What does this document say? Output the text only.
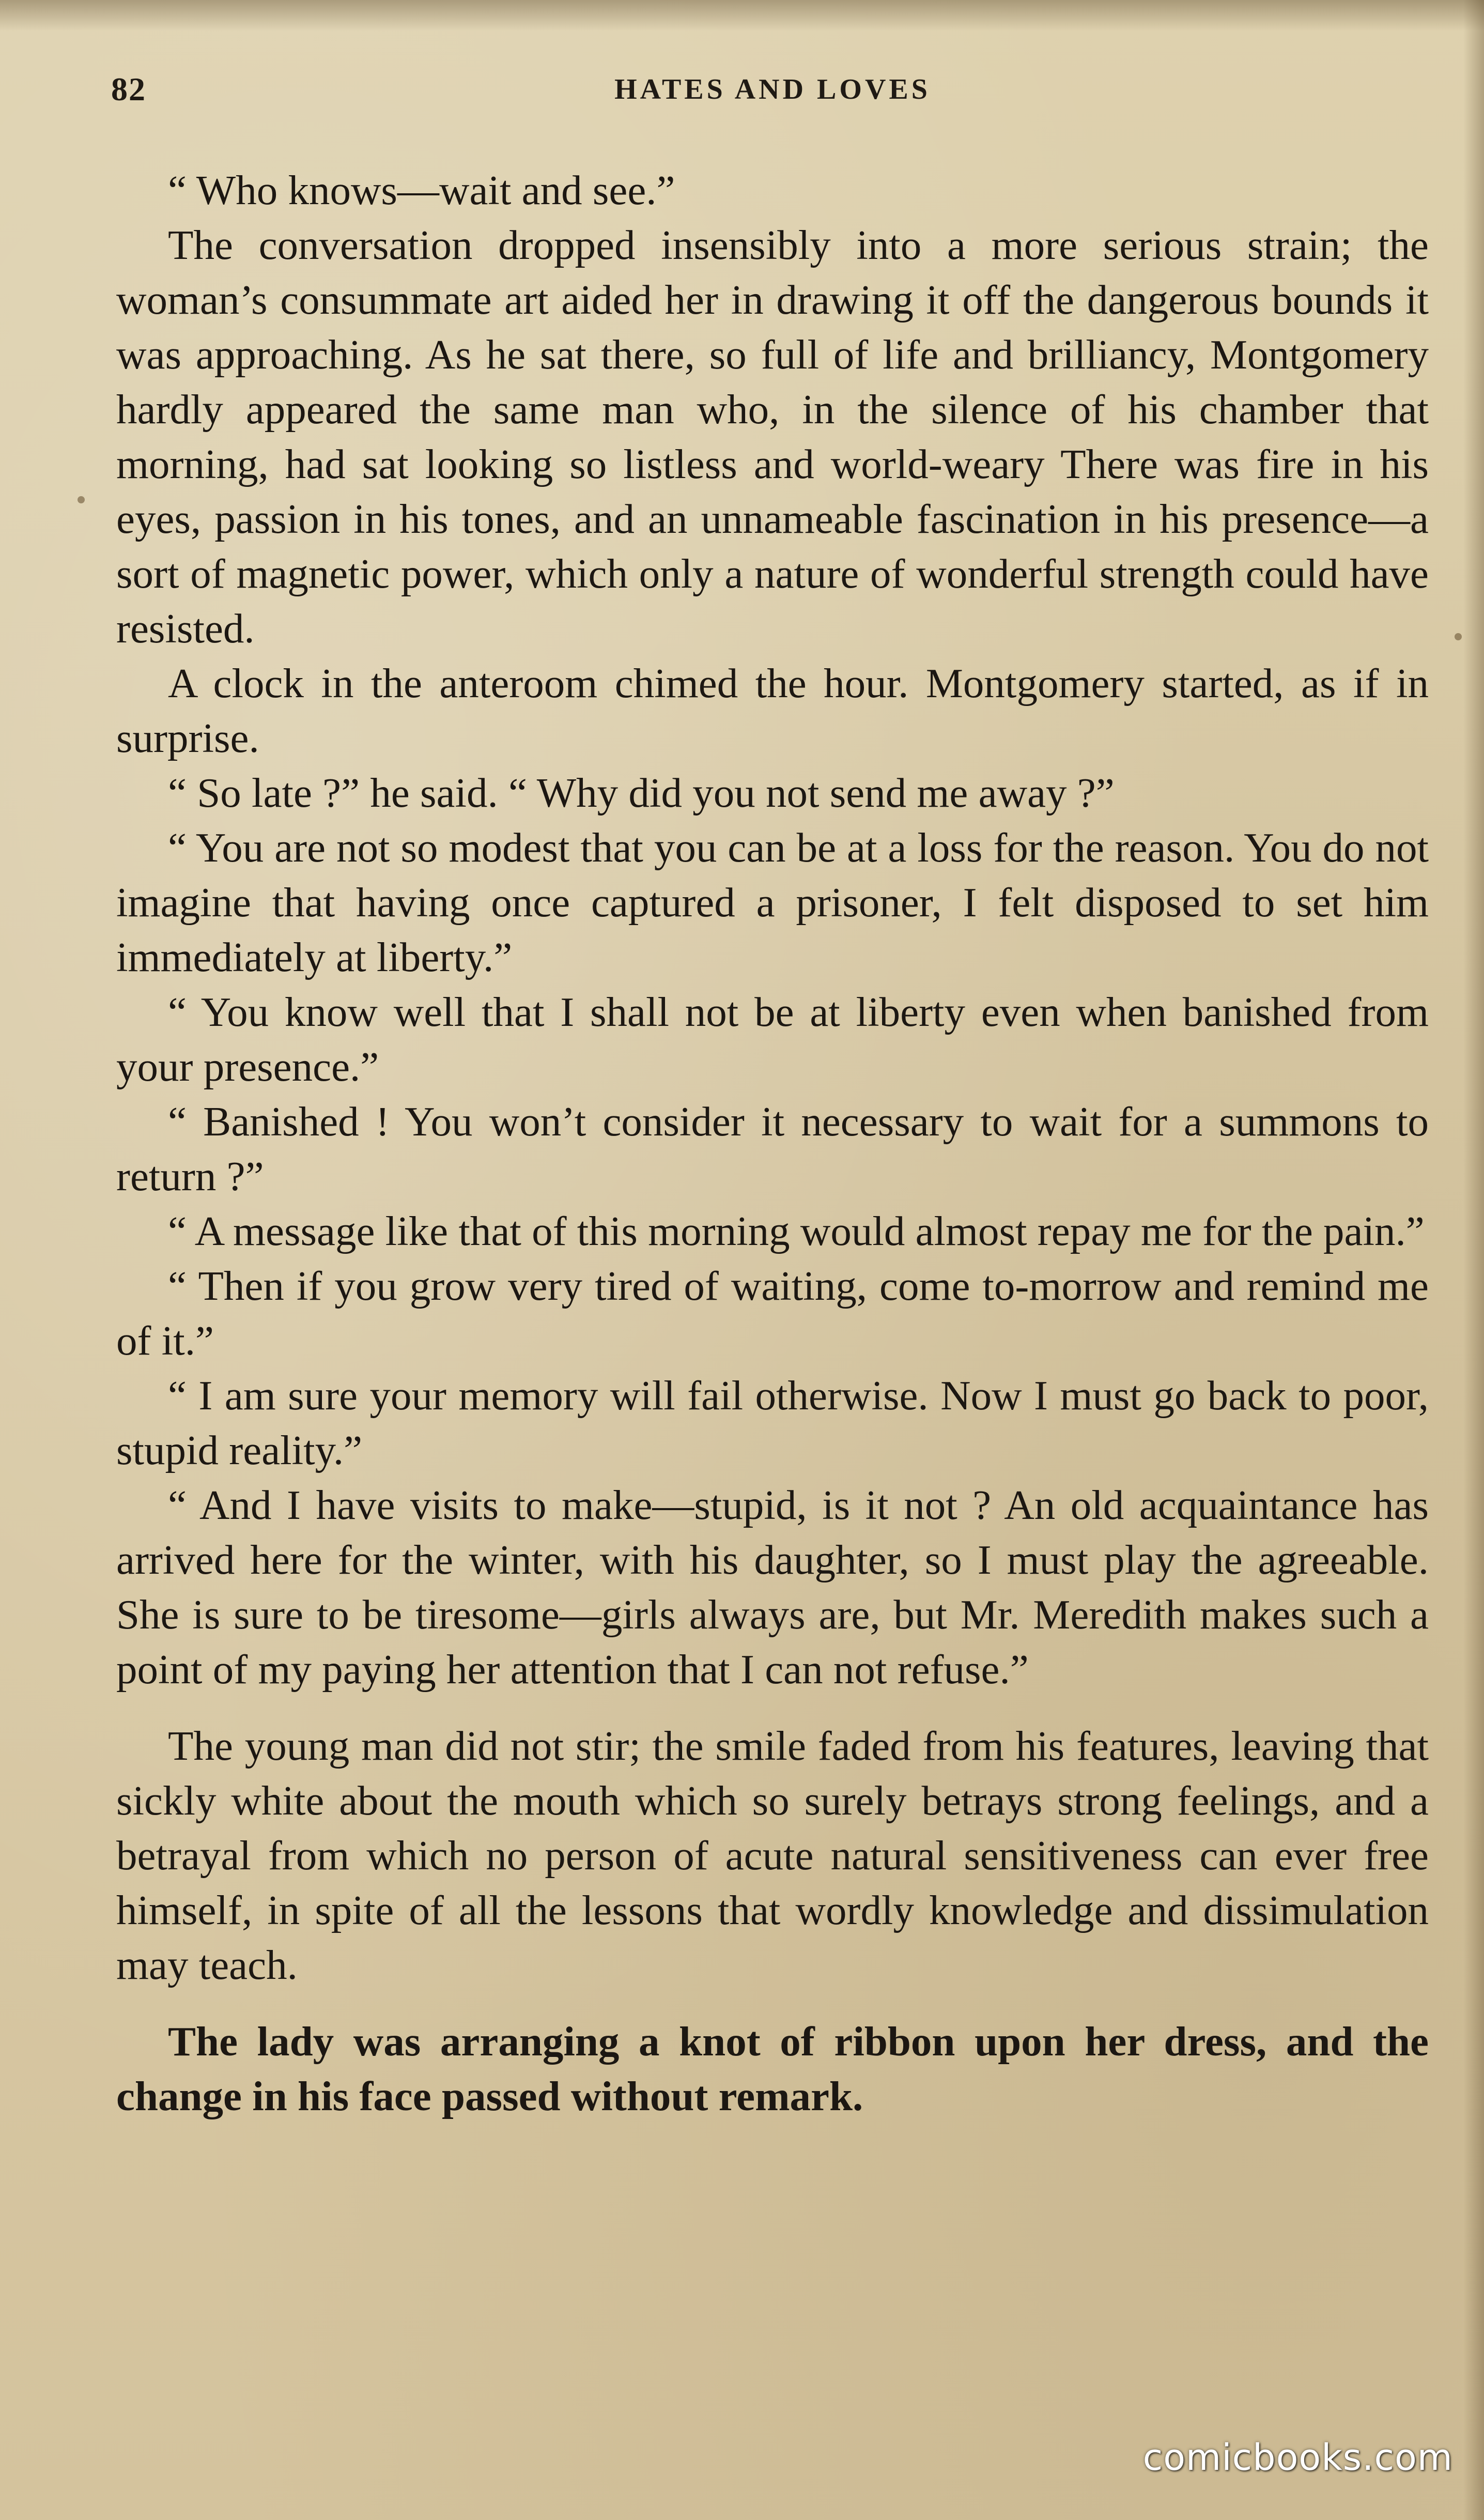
82	HATES AND LOVES

“ Who knows—wait and see.”

The conversation dropped insensibly into a more serious strain; the woman’s consummate art aided her in drawing it off the dangerous bounds it was approaching. As he sat there, so full of life and brilliancy, Montgomery hardly appeared the same man who, in the silence of his chamber that morning, had sat looking so listless and world-weary There was fire in his eyes, passion in his tones, and an unnameable fascination in his presence—a sort of magnetic power, which only a nature of wonderful strength could have resisted.

A clock in the anteroom chimed the hour. Montgomery started, as if in surprise.

“ So late ?” he said. “ Why did you not send me away ?”

“ You are not so modest that you can be at a loss for the reason. You do not imagine that having once captured a prisoner, I felt disposed to set him immediately at liberty.”

“ You know well that I shall not be at liberty even when banished from your presence.”

“ Banished ! You won’t consider it necessary to wait for a summons to return ?”

“ A message like that of this morning would almost repay me for the pain.”

“ Then if you grow very tired of waiting, come to-morrow and remind me of it.”

“ I am sure your memory will fail otherwise. Now I must go back to poor, stupid reality.”

“ And I have visits to make—stupid, is it not ? An old acquaintance has arrived here for the winter, with his daughter, so I must play the agreeable. She is sure to be tiresome—girls always are, but Mr. Meredith makes such a point of my paying her attention that I can not refuse.”

The young man did not stir; the smile faded from his features, leaving that sickly white about the mouth which so surely betrays strong feelings, and a betrayal from which no person of acute natural sensitiveness can ever free himself, in spite of all the lessons that wordly knowledge and dissimulation may teach.

The lady was arranging a knot of ribbon upon her dress, and the change in his face passed without remark.

comicbooks.com
